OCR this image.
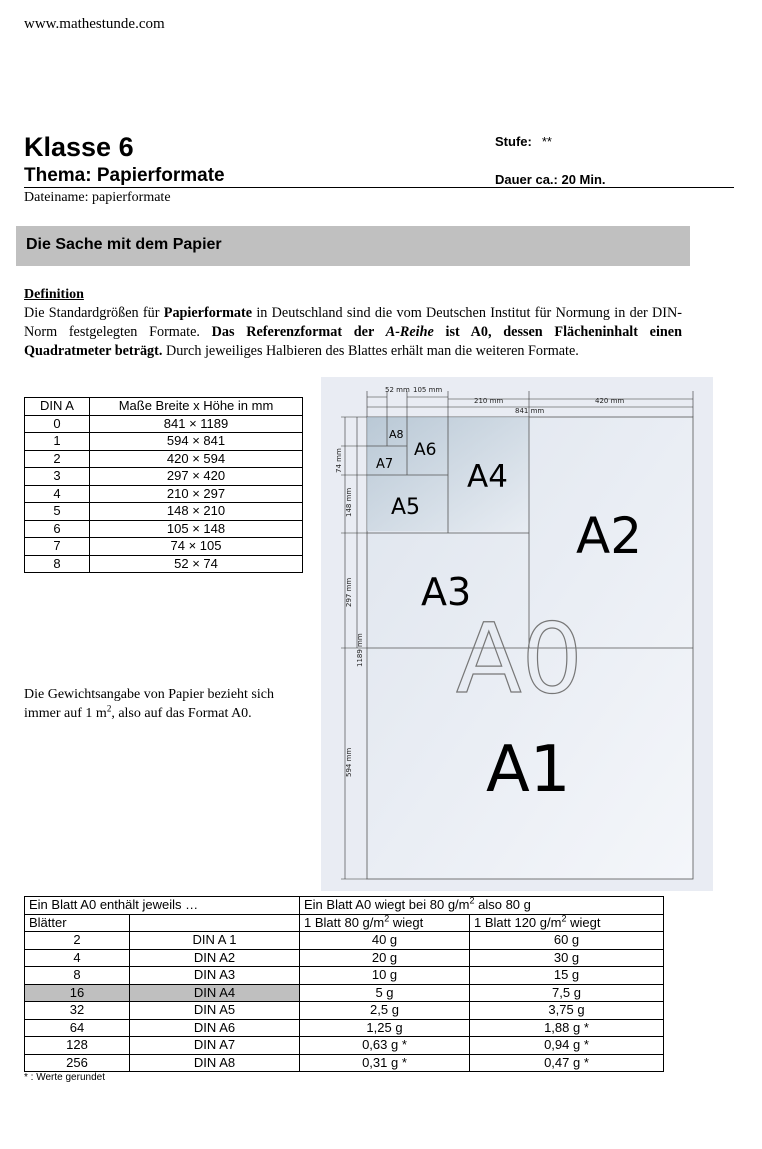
www.mathestunde.com
Klasse 6
Thema: Papierformate
Stufe: **
Dauer ca.: 20 Min.
Dateiname: papierformate
Die Sache mit dem Papier
Definition
Die Standardgrößen für Papierformate in Deutschland sind die vom Deutschen Institut für Normung in der DIN-Norm festgelegten Formate. Das Referenzformat der A-Reihe ist A0, dessen Flächeninhalt einen Quadratmeter beträgt. Durch jeweiliges Halbieren des Blattes erhält man die weiteren Formate.
DIN A	Maße Breite x Höhe in mm
0	841 × 1189
1	594 × 841
2	420 × 594
3	297 × 420
4	210 × 297
5	148 × 210
6	105 × 148
7	74 × 105
8	52 × 74
Die Gewichtsangabe von Papier bezieht sich immer auf 1 $m^2$, also auf das Format A0.	A0
A1
A2
A3
A4
A5
A6
A7
A8
52 mm 105 mm
210 mm	420 mm
841 mm
74 mm
148 mm
297 mm
1189 mm
594 mm
Ein Blatt A0 enthält jeweils …		Ein Blatt A0 wiegt bei 80 $g/m^2$ also 80 g	
Blätter		1 Blatt 80 $g/m^2$ wiegt	1 Blatt 120 $g/m^2$ wiegt
2	DIN A 1	40 g	60 g
4	DIN A2	20 g	30 g
8	DIN A3	10 g	15 g
16	DIN A4	5 g	7,5 g
32	DIN A5	2,5 g	3,75 g
64	DIN A6	1,25 g	1,88 g *
128	DIN A7	0,63 g *	0,94 g *
256	DIN A8	0,31 g *	0,47 g *
* : Werte gerundet
